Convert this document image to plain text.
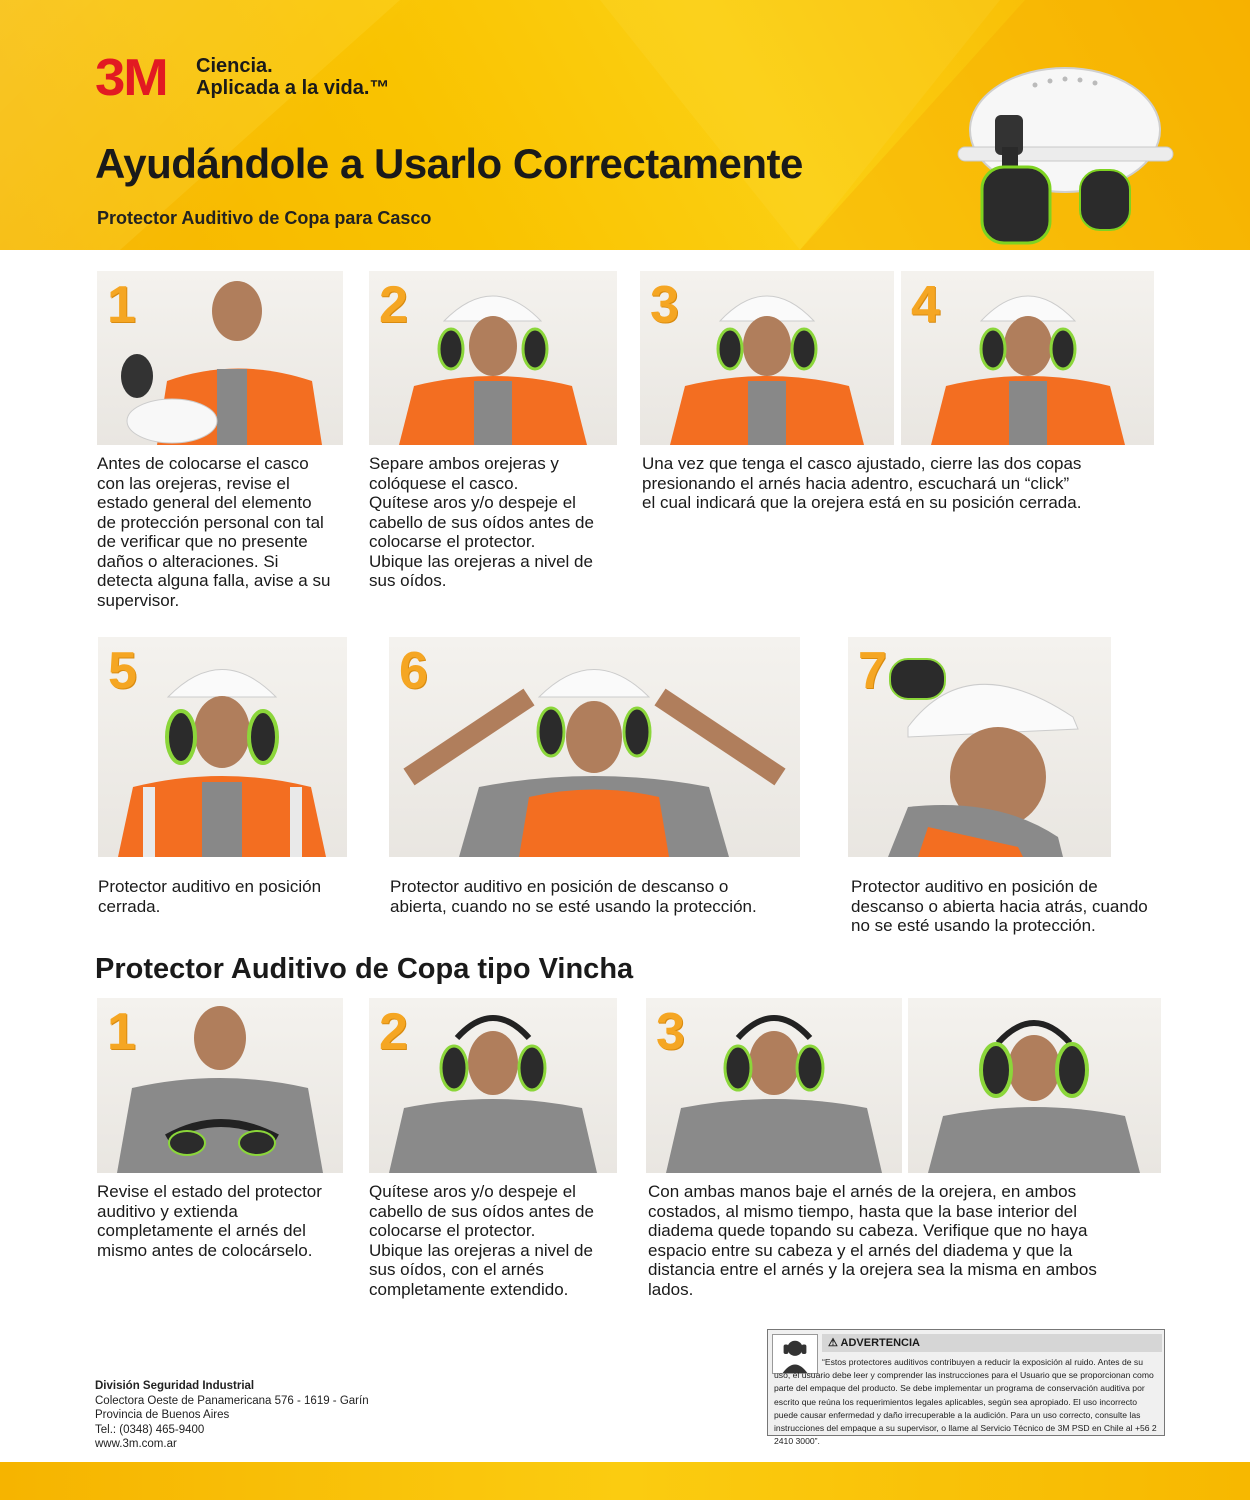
3M Ciencia.
Aplicada a la vida.™
Ayudándole a Usarlo Correctamente
Protector Auditivo de Copa para Casco
1	2	3	4
Antes de colocarse el casco
con las orejeras, revise el
estado general del elemento
de protección personal con tal
de verificar que no presente
daños o alteraciones. Si
detecta alguna falla, avise a su
supervisor.
Separe ambos orejeras y
colóquese el casco.
Quítese aros y/o despeje el
cabello de sus oídos antes de
colocarse el protector.
Ubique las orejeras a nivel de
sus oídos.
Una vez que tenga el casco ajustado, cierre las dos copas
presionando el arnés hacia adentro, escuchará un “click”
el cual indicará que la orejera está en su posición cerrada.
5	6	7
Protector auditivo en posición
cerrada.
Protector auditivo en posición de descanso o
abierta, cuando no se esté usando la protección.
Protector auditivo en posición de
descanso o abierta hacia atrás, cuando
no se esté usando la protección.
Protector Auditivo de Copa tipo Vincha
1	2	3
Revise el estado del protector
auditivo y extienda
completamente el arnés del
mismo antes de colocárselo.
Quítese aros y/o despeje el
cabello de sus oídos antes de
colocarse el protector.
Ubique las orejeras a nivel de
sus oídos, con el arnés
completamente extendido.
Con ambas manos baje el arnés de la orejera, en ambos
costados, al mismo tiempo, hasta que la base interior del
diadema quede topando su cabeza. Verifique que no haya
espacio entre su cabeza y el arnés del diadema y que la
distancia entre el arnés y la orejera sea la misma en ambos
lados.
División Seguridad Industrial
Colectora Oeste de Panamericana 576 - 1619 - Garín
Provincia de Buenos Aires
Tel.: (0348) 465-9400
www.3m.com.ar
⚠ ADVERTENCIA
“Estos protectores auditivos contribuyen a reducir la exposición al ruido. Antes de su uso, el usuario debe leer y comprender las instrucciones para el Usuario que se proporcionan como parte del empaque del producto. Se debe implementar un programa de conservación auditiva por escrito que reúna los requerimientos legales aplicables, según sea apropiado. El uso incorrecto puede causar enfermedad y daño irrecuperable a la audición. Para un uso correcto, consulte las instrucciones del empaque a su supervisor, o llame al Servicio Técnico de 3M PSD en Chile al +56 2 2410 3000”.
